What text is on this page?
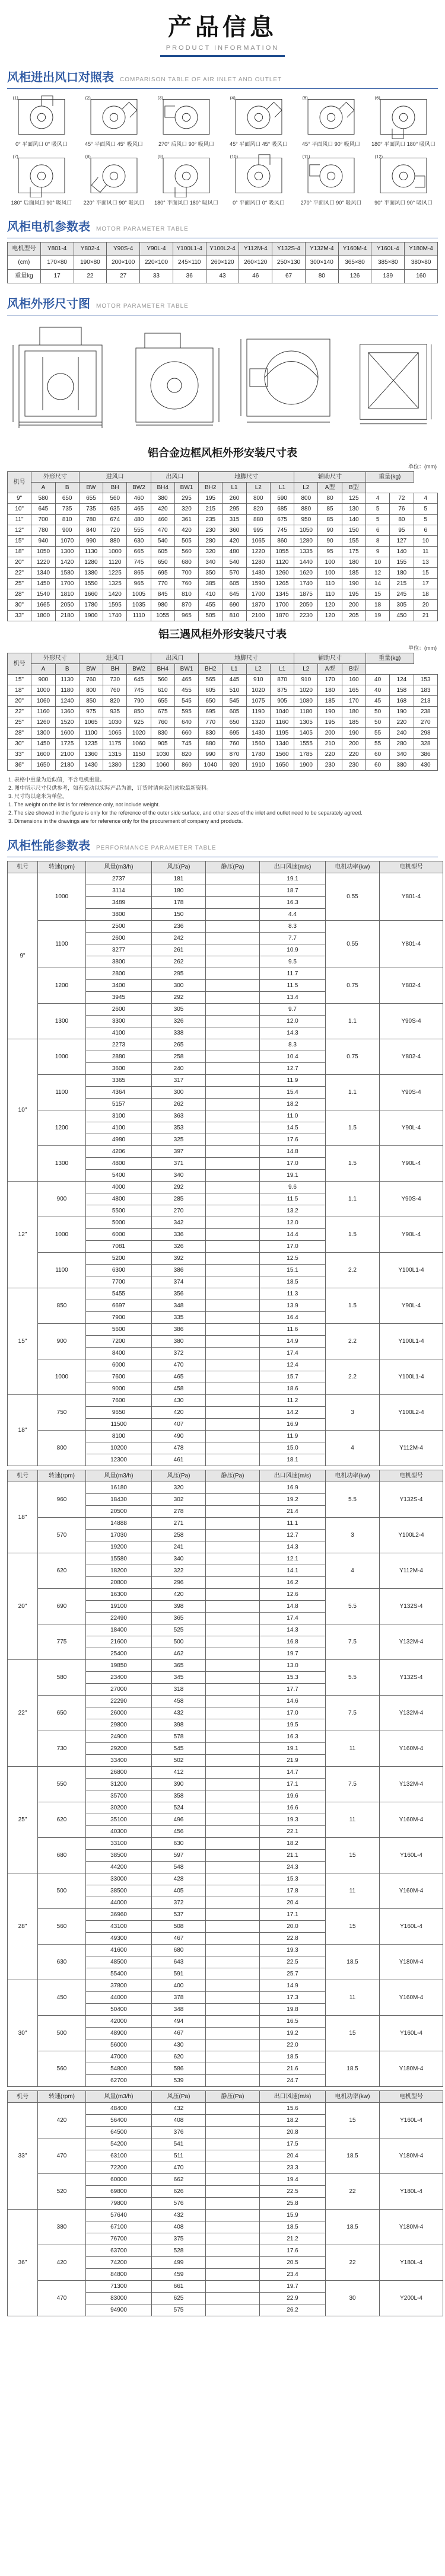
产品信息
PRODUCT INFORMATION
风柜进出风口对照表 COMPARISON TABLE OF AIR INLET AND OUTLET
(1)
0° 平面风口 0° 吸风口
(2)
45° 平面风口 45° 吸风口
(3)
270° 后风口 90° 吸风口
(4)
45° 平面风口 45° 吸风口
(5)
45° 平面风口 90° 吸风口
(6)
180° 平面风口 180° 吸风口
(7)
180° 后面风口 90° 吸风口
(8)
220° 平面风口 90° 吸风口
(9)
180° 平面风口 180° 吸风口
(10)
0° 平面风口 0° 吸风口
(11)
270° 平面风口 90° 吸风口
(12)
90° 平面风口 90° 吸风口
风柜电机参数表 MOTOR PARAMETER TABLE
电机型号	Y801-4	Y802-4	Y90S-4	Y90L-4	Y100L1-4	Y100L2-4	Y112M-4	Y132S-4	Y132M-4	Y160M-4	Y160L-4	Y180M-4
(cm)	170×80	190×80	200×100	220×100	245×110	260×120	260×120	250×130	300×140	365×80	385×80	380×80
重量kg	17	22	27	33	36	43	46	67	80	126	139	160
风柜外形尺寸图 MOTOR PARAMETER TABLE
铝合金边框风柜外形安装尺寸表
单位：(mm)
机号	外形尺寸		进风口			出风口		地脚尺寸				辅助尺寸			重量(kg)		
	A	B	BW	BH	BW2	BH4	BW1	BH2	L1	L2	L1	L2	A型	B型			
9"	580	650	655	560	460	380	295	195	260	800	590	800	80	125	4	72	4
10"	645	735	735	635	465	420	320	215	295	820	685	880	85	130	5	76	5
11"	700	810	780	674	480	460	361	235	315	880	675	950	85	140	5	80	5
12"	780	900	840	720	555	470	420	230	360	995	745	1050	90	150	6	95	6
15"	940	1070	990	880	630	540	505	280	420	1065	860	1280	90	155	8	127	10
18"	1050	1300	1130	1000	665	605	560	320	480	1220	1055	1335	95	175	9	140	11
20"	1220	1420	1280	1120	745	650	680	340	540	1280	1120	1440	100	180	10	155	13
22"	1340	1580	1380	1225	865	695	700	350	570	1480	1260	1620	100	185	12	180	15
25"	1450	1700	1550	1325	965	770	760	385	605	1590	1265	1740	110	190	14	215	17
28"	1540	1810	1660	1420	1005	845	810	410	645	1700	1345	1875	110	195	15	245	18
30"	1665	2050	1780	1595	1035	980	870	455	690	1870	1700	2050	120	200	18	305	20
33"	1800	2180	1900	1740	1110	1055	965	505	810	2100	1870	2230	120	205	19	450	21
铝三遇风柜外形安装尺寸表
单位：(mm)
机号	外形尺寸		进风口			出风口		地脚尺寸				辅助尺寸			重量(kg)		
	A	B	BW	BH	BW2	BH4	BW1	BH2	L1	L2	L1	L2	A型	B型			
15"	900	1130	760	730	645	560	465	565	445	910	870	910	170	160	40	124	153
18"	1000	1180	800	760	745	610	455	605	510	1020	875	1020	180	165	40	158	183
20"	1060	1240	850	820	790	655	545	650	545	1075	905	1080	185	170	45	168	213
22"	1160	1360	975	935	850	675	595	695	605	1190	1040	1180	190	180	50	190	238
25"	1260	1520	1065	1030	925	760	640	770	650	1320	1160	1305	195	185	50	220	270
28"	1300	1600	1100	1065	1020	830	660	830	695	1430	1195	1405	200	190	55	240	298
30"	1450	1725	1235	1175	1060	905	745	880	760	1560	1340	1555	210	200	55	280	328
33"	1600	2100	1360	1315	1150	1030	820	990	870	1780	1560	1785	220	220	60	340	386
36"	1650	2180	1430	1380	1230	1060	860	1040	920	1910	1650	1900	230	230	60	380	430
1. 表格中重量为近似值，不含电机重量。
2. 图中所示尺寸仅供参考，如有变动以实际产品为准，订货时请向我们索取最新资料。
3. 尺寸均以毫米为单位。
1. The weight on the list is for reference only, not include weight.
2. The size showed in the figure is only for the reference of the outer side surface, and other sizes of the inlet and outlet need to be separately agreed.
3. Dimensions in the drawings are for reference only for the procurement of company and products.
风柜性能参数表 PERFORMANCE PARAMETER TABLE
机号	转速(rpm)	风量(m3/h)	风压(Pa)	静压(Pa)	出口风速(m/s)	电机功率(kw)	电机型号
9"	1000	2737	181		19.1	0.55	Y801-4
		3114	180		18.7		
		3489	178		16.3		
		3800	150		4.4		
	1100	2500	236		8.3	0.55	Y801-4
		2600	242		7.7		
		3277	261		10.9		
		3800	262		9.5		
	1200	2800	295		11.7	0.75	Y802-4
		3400	300		11.5		
		3945	292		13.4		
	1300	2600	305		9.7	1.1	Y90S-4
		3300	326		12.0		
		4100	338		14.3		
10"	1000	2273	265		8.3	0.75	Y802-4
		2880	258		10.4		
		3600	240		12.7		
	1100	3365	317		11.9	1.1	Y90S-4
		4364	300		15.4		
		5157	262		18.2		
	1200	3100	363		11.0	1.5	Y90L-4
		4100	353		14.5		
		4980	325		17.6		
	1300	4206	397		14.8	1.5	Y90L-4
		4800	371		17.0		
		5400	340		19.1		
12"	900	4000	292		9.6	1.1	Y90S-4
		4800	285		11.5		
		5500	270		13.2		
	1000	5000	342		12.0	1.5	Y90L-4
		6000	336		14.4		
		7081	326		17.0		
	1100	5200	392		12.5	2.2	Y100L1-4
		6300	386		15.1		
		7700	374		18.5		
15"	850	5455	356		11.3	1.5	Y90L-4
		6697	348		13.9		
		7900	335		16.4		
	900	5600	386		11.6	2.2	Y100L1-4
		7200	380		14.9		
		8400	372		17.4		
	1000	6000	470		12.4	2.2	Y100L1-4
		7600	465		15.7		
		9000	458		18.6		
18"	750	7600	430		11.2	3	Y100L2-4
		9650	420		14.2		
		11500	407		16.9		
	800	8100	490		11.9	4	Y112M-4
		10200	478		15.0		
		12300	461		18.1		
机号	转速(rpm)	风量(m3/h)	风压(Pa)	静压(Pa)	出口风速(m/s)	电机功率(kw)	电机型号
18"	960	16180	320		16.9	5.5	Y132S-4
		18430	302		19.2		
		20500	278		21.4		
	570	14888	271		11.1	3	Y100L2-4
		17030	258		12.7		
		19200	241		14.3		
20"	620	15580	340		12.1	4	Y112M-4
		18200	322		14.1		
		20800	296		16.2		
	690	16300	420		12.6	5.5	Y132S-4
		19100	398		14.8		
		22490	365		17.4		
	775	18400	525		14.3	7.5	Y132M-4
		21600	500		16.8		
		25400	462		19.7		
22"	580	19850	365		13.0	5.5	Y132S-4
		23400	345		15.3		
		27000	318		17.7		
	650	22290	458		14.6	7.5	Y132M-4
		26000	432		17.0		
		29800	398		19.5		
	730	24900	578		16.3	11	Y160M-4
		29200	545		19.1		
		33400	502		21.9		
25"	550	26800	412		14.7	7.5	Y132M-4
		31200	390		17.1		
		35700	358		19.6		
	620	30200	524		16.6	11	Y160M-4
		35100	496		19.3		
		40300	456		22.1		
	680	33100	630		18.2	15	Y160L-4
		38500	597		21.1		
		44200	548		24.3		
28"	500	33000	428		15.3	11	Y160M-4
		38500	405		17.8		
		44000	372		20.4		
	560	36960	537		17.1	15	Y160L-4
		43100	508		20.0		
		49300	467		22.8		
	630	41600	680		19.3	18.5	Y180M-4
		48500	643		22.5		
		55400	591		25.7		
30"	450	37800	400		14.9	11	Y160M-4
		44000	378		17.3		
		50400	348		19.8		
	500	42000	494		16.5	15	Y160L-4
		48900	467		19.2		
		56000	430		22.0		
	560	47000	620		18.5	18.5	Y180M-4
		54800	586		21.6		
		62700	539		24.7		
机号	转速(rpm)	风量(m3/h)	风压(Pa)	静压(Pa)	出口风速(m/s)	电机功率(kw)	电机型号
33"	420	48400	432		15.6	15	Y160L-4
		56400	408		18.2		
		64500	376		20.8		
	470	54200	541		17.5	18.5	Y180M-4
		63100	511		20.4		
		72200	470		23.3		
	520	60000	662		19.4	22	Y180L-4
		69800	626		22.5		
		79800	576		25.8		
36"	380	57640	432		15.9	18.5	Y180M-4
		67100	408		18.5		
		76700	375		21.2		
	420	63700	528		17.6	22	Y180L-4
		74200	499		20.5		
		84800	459		23.4		
	470	71300	661		19.7	30	Y200L-4
		83000	625		22.9		
		94900	575		26.2		
